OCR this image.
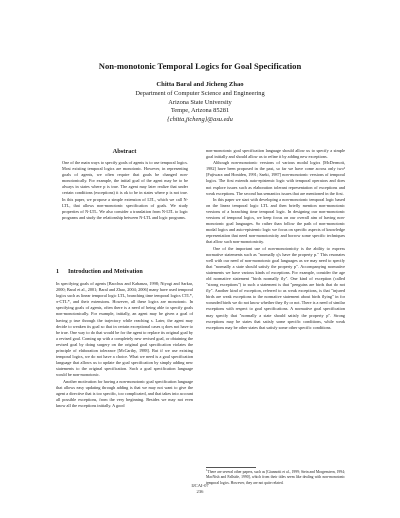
Non-monotonic Temporal Logics for Goal Specification
Chitta Baral and Jicheng Zhao
Department of Computer Science and Engineering
Arizona State University
Tempe, Arizona 85281
{chitta,jicheng}@asu.edu
Abstract
One of the main ways to specify goals of agents is to use temporal logics. Most existing temporal logics are monotonic. However, in representing goals of agents, we often require that goals be changed non-monotonically. For example, the initial goal of the agent may be to be always in states where p is true. The agent may later realize that under certain conditions (exceptions) it is ok to be in states where p is not true. In this paper, we propose a simple extension of LTL, which we call N-LTL, that allows non-monotonic specification of goals. We study properties of N-LTL. We also consider a translation from N-LTL to logic programs and study the relationship between N-LTL and logic programs.
1 Introduction and Motivation

In specifying goals of agents [Bacchus and Kabanza, 1998; Niyogi and Sarkar, 2000; Baral et al., 2001; Baral and Zhao, 2004; 2006] many have used temporal logics such as linear temporal logic LTL, branching time temporal logics CTL*, π-CTL*, and their extensions. However, all these logics are monotonic. In specifying goals of agents, often there is a need of being able to specify goals non-monotonically. For example, initially, an agent may be given a goal of having p true through the trajectory while reaching s. Later, the agent may decide to weaken its goal so that in certain exceptional cases q does not have to be true. One way to do that would be for the agent to replace its original goal by a revised goal. Coming up with a completely new revised goal, or obtaining the revised goal by doing surgery on the original goal specification violates the principle of elaboration tolerance [McCarthy, 1988]. But if we use existing temporal logics, we do not have a choice. What we need is a goal specification language that allows us to update the goal specification by simply adding new statements to the original specification. Such a goal specification language would be non-monotonic.

Another motivation for having a non-monotonic goal specification language that allows easy updating through adding is that we may not want to give the agent a directive that is too specific, too complicated, and that takes into account all possible exceptions, from the very beginning. Besides we may not even know all the exceptions initially. A good

non-monotonic goal specification language should allow us to specify a simple goal initially and should allow us to refine it by adding new exceptions.

Although non-monotonic versions of various modal logics [McDermott, 1982] have been proposed in the past, so far we have come across only two¹ [Fujiwara and Honiden, 1991; Saeki, 1987] non-monotonic versions of temporal logics. The first extends auto-epistemic logic with temporal operators and does not explore issues such as elaboration tolerant representation of exceptions and weak exceptions. The second has semantics issues that are mentioned in the first.

In this paper we start with developing a non-monotonic temporal logic based on the linear temporal logic LTL and then briefly mention non-monotonic versions of a branching time temporal logic. In designing our non-monotonic versions of temporal logics, we keep focus on our overall aim of having non-monotonic goal languages. So rather than follow the path of non-monotonic modal logics and auto-epistemic logic we focus on specific aspects of knowledge representation that need non-monotonicity and borrow some specific techniques that allow such non-monotonicity.

One of the important use of non-monotonicity is the ability to express normative statements such as "normally q's have the property p." This resonates well with our need of non-monotonic goal languages as we may need to specify that "normally a state should satisfy the property p". Accompanying normative statements we have various kinds of exceptions. For example, consider the age old normative statement "birds normally fly". One kind of exception (called "strong exceptions") to such a statement is that "penguins are birds that do not fly". Another kind of exception, referred to as weak exceptions, is that "injured birds are weak exceptions to the normative statement about birds flying" in for wounded birds we do not know whether they fly or not. There is a need of similar exceptions with respect to goal specifications. A normative goal specification may specify that "normally a state should satisfy the property p". Strong exceptions may be states that satisfy some specific conditions, while weak exceptions may be other states that satisfy some other specific conditions.

$^1$There are several other papers, such as [Giunnotti et al., 1999; Stein and Morgenstern, 1994; MacNish and Fallside, 1990], which from their titles seem like dealing with non-monotonic temporal logics. However, they are not quite related.
IJCAI-07
236
